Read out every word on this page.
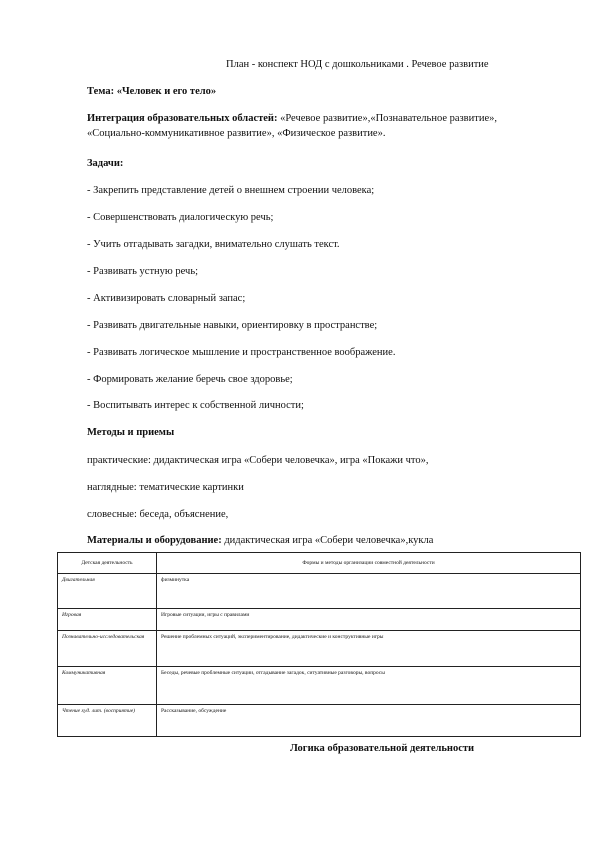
План - конспект НОД с дошкольниками . Речевое развитие
Тема: «Человек и его тело»
Интеграция образовательных областей: «Речевое развитие»,«Познавательное развитие»,
«Социально-коммуникативное развитие», «Физическое развитие».
Задачи:
- Закрепить представление детей о внешнем строении человека;
- Совершенствовать диалогическую речь;
- Учить отгадывать загадки, внимательно слушать текст.
- Развивать устную речь;
- Активизировать словарный запас;
- Развивать двигательные навыки, ориентировку в пространстве;
- Развивать логическое мышление и пространственное воображение.
- Формировать желание беречь свое здоровье;
- Воспитывать интерес к собственной личности;
Методы и приемы
практические: дидактическая игра «Собери человечка», игра «Покажи что»,
наглядные: тематические картинки
словесные: беседа, объяснение,
Материалы и оборудование: дидактическая игра «Собери человечка»,кукла
Детская деятельность	Формы и методы организации совместной деятельности
Двигательная	физминутка
Игровая	Игровые ситуации, игры с правилами
Познавательно-исследовательская	Решение проблемных ситуаций, экспериментирование, дидактические и конструктивные игры
Коммуникативная	Беседы, речевые проблемные ситуации, отгадывание загадок, ситуативные разговоры, вопросы
Чтение худ. лит. (восприятие)	Рассказывание, обсуждение
Логика образовательной деятельности
